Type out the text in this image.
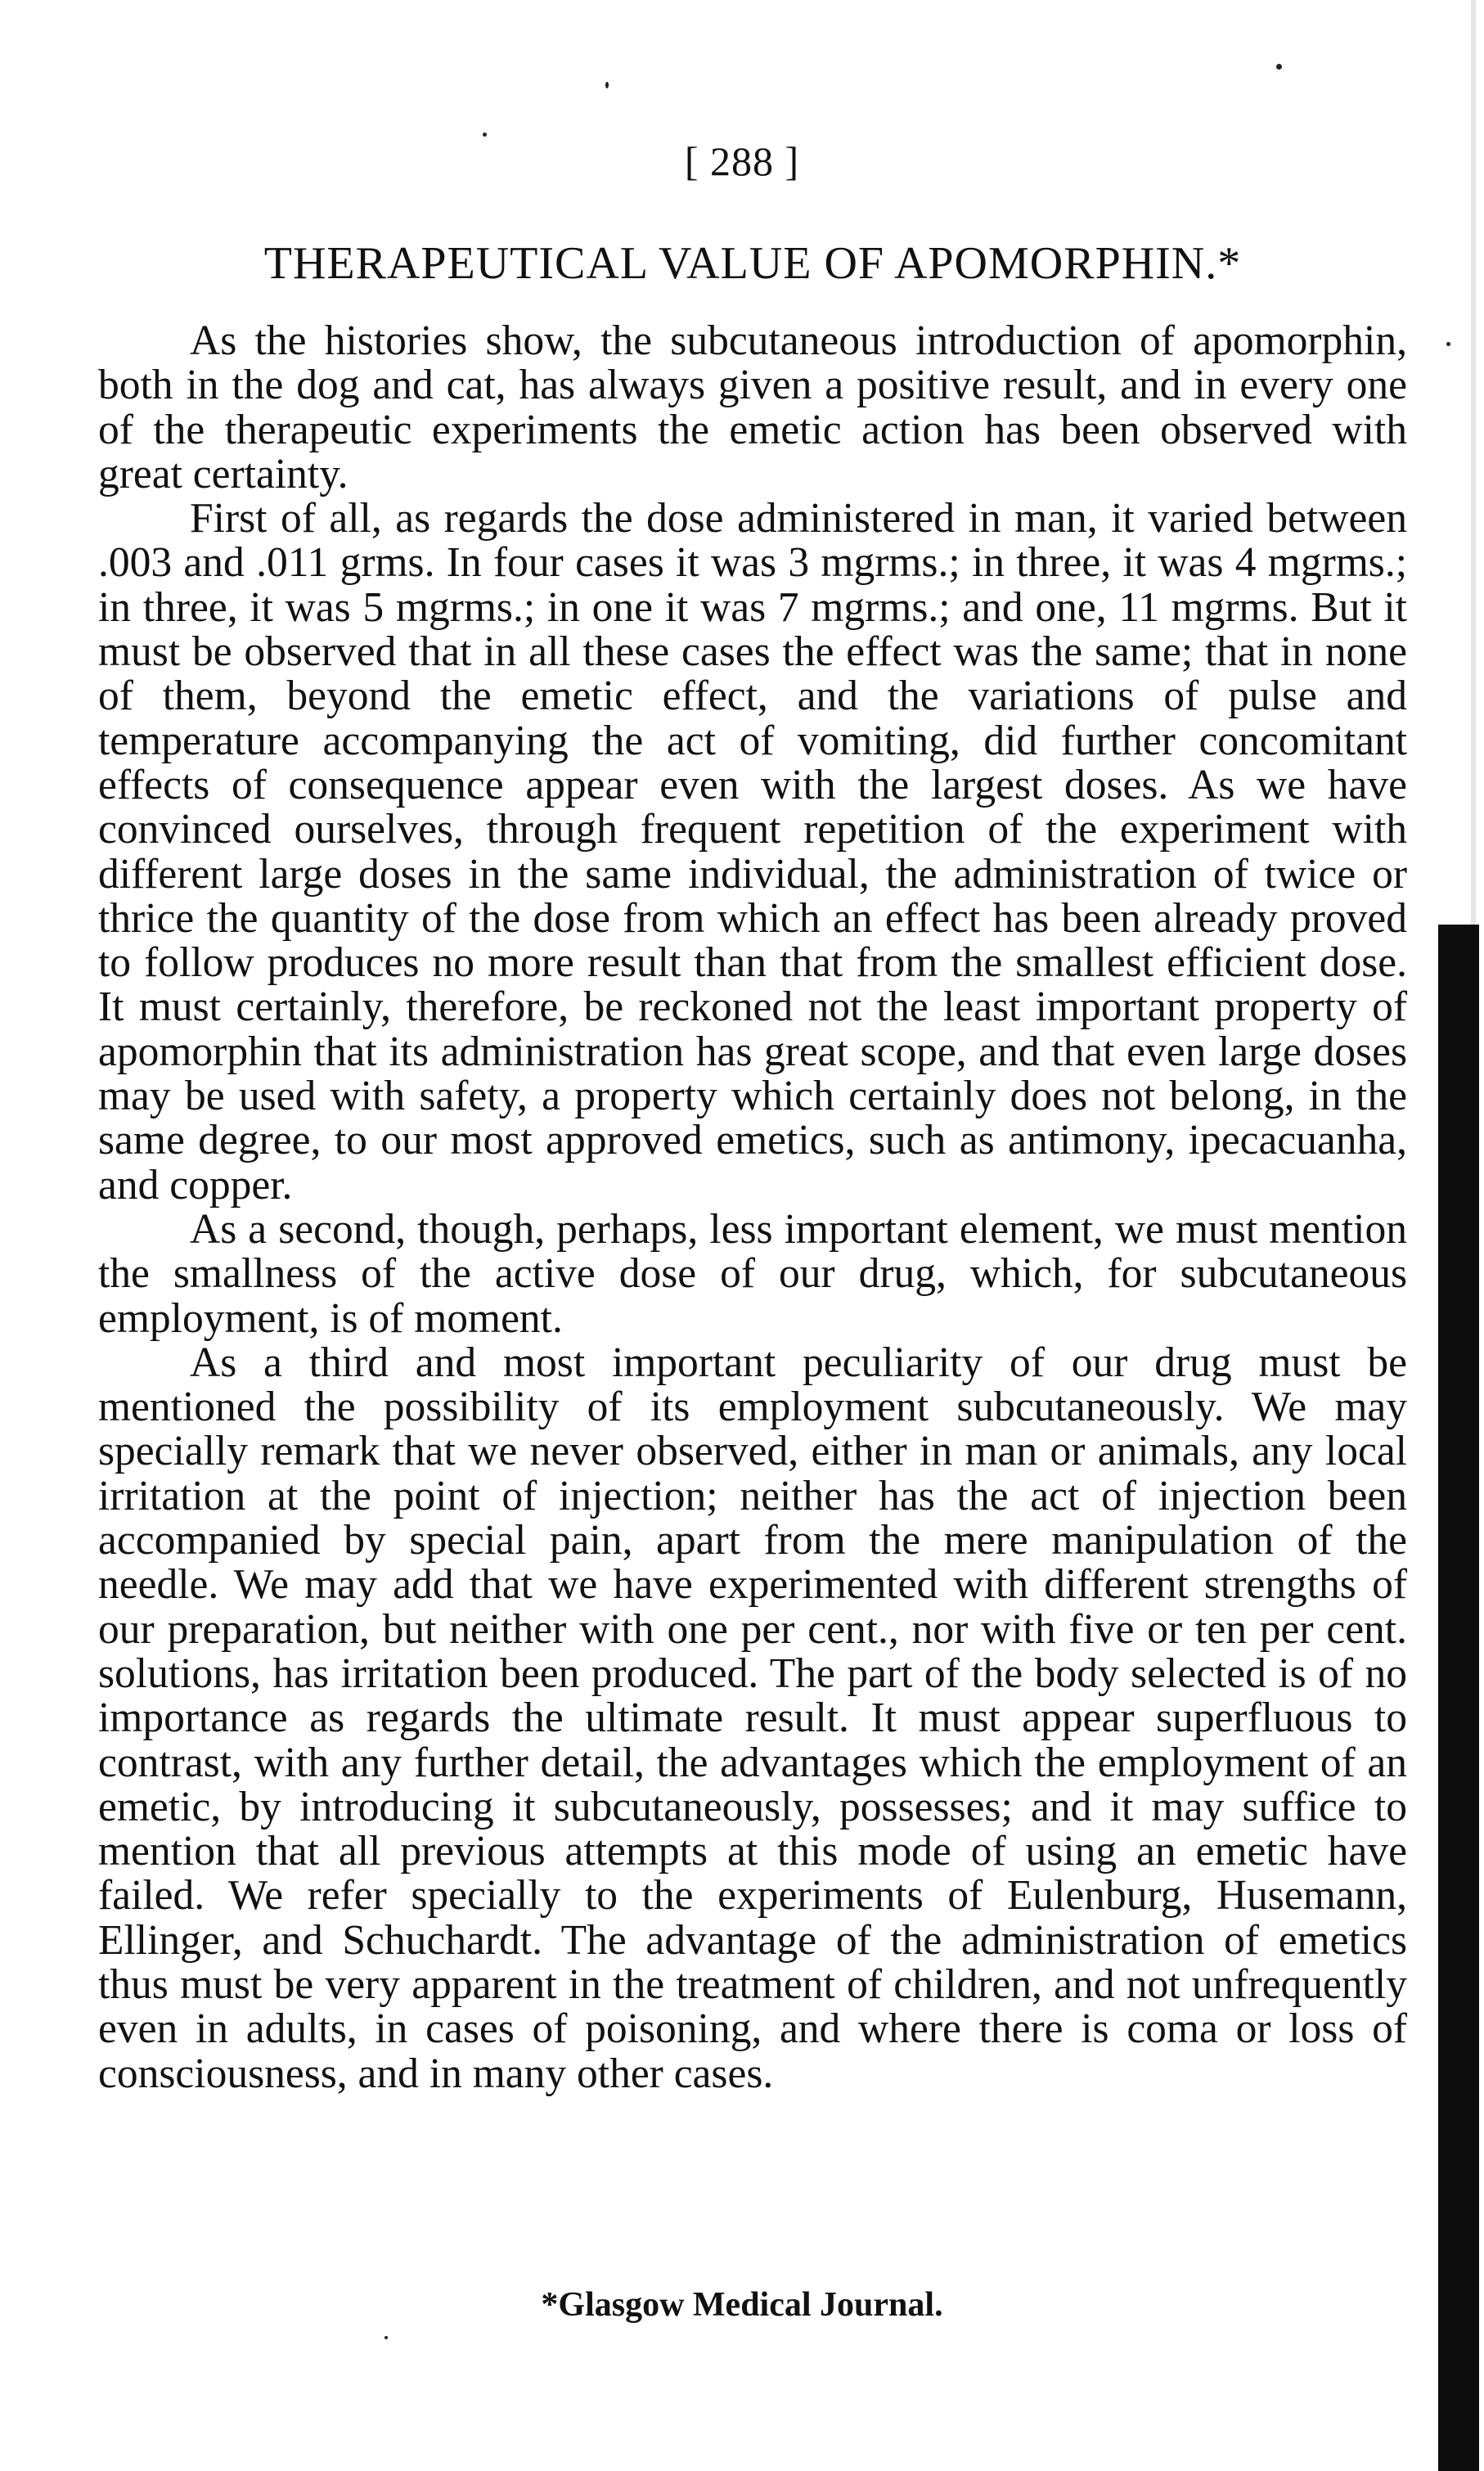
[ 288 ]
THERAPEUTICAL VALUE OF APOMORPHIN.*

As the histories show, the subcutaneous introduction of apomorphin, both in the dog and cat, has always given a positive result, and in every one of the therapeutic experiments the emetic action has been observed with great certainty.

First of all, as regards the dose administered in man, it varied between .003 and .011 grms. In four cases it was 3 mgrms.; in three, it was 4 mgrms.; in three, it was 5 mgrms.; in one it was 7 mgrms.; and one, 11 mgrms. But it must be observed that in all these cases the effect was the same; that in none of them, beyond the emetic effect, and the variations of pulse and temperature accompanying the act of vomiting, did further concomitant effects of consequence appear even with the largest doses. As we have convinced ourselves, through frequent repetition of the experiment with different large doses in the same individual, the administration of twice or thrice the quantity of the dose from which an effect has been already proved to follow produces no more result than that from the smallest efficient dose. It must certainly, therefore, be reckoned not the least important property of apomorphin that its administration has great scope, and that even large doses may be used with safety, a property which certainly does not belong, in the same degree, to our most approved emetics, such as antimony, ipecacuanha, and copper.

As a second, though, perhaps, less important element, we must mention the smallness of the active dose of our drug, which, for subcutaneous employment, is of moment.

As a third and most important peculiarity of our drug must be mentioned the possibility of its employment subcutaneously. We may specially remark that we never observed, either in man or animals, any local irritation at the point of injection; neither has the act of injection been accompanied by special pain, apart from the mere manipulation of the needle. We may add that we have experimented with different strengths of our preparation, but neither with one per cent., nor with five or ten per cent. solutions, has irritation been produced. The part of the body selected is of no importance as regards the ultimate result. It must appear superfluous to contrast, with any further detail, the advantages which the employment of an emetic, by introducing it subcutaneously, possesses; and it may suffice to mention that all previous attempts at this mode of using an emetic have failed. We refer specially to the experiments of Eulenburg, Husemann, Ellinger, and Schuchardt. The advantage of the administration of emetics thus must be very apparent in the treatment of children, and not unfrequently even in adults, in cases of poisoning, and where there is coma or loss of consciousness, and in many other cases.

*Glasgow Medical Journal.
